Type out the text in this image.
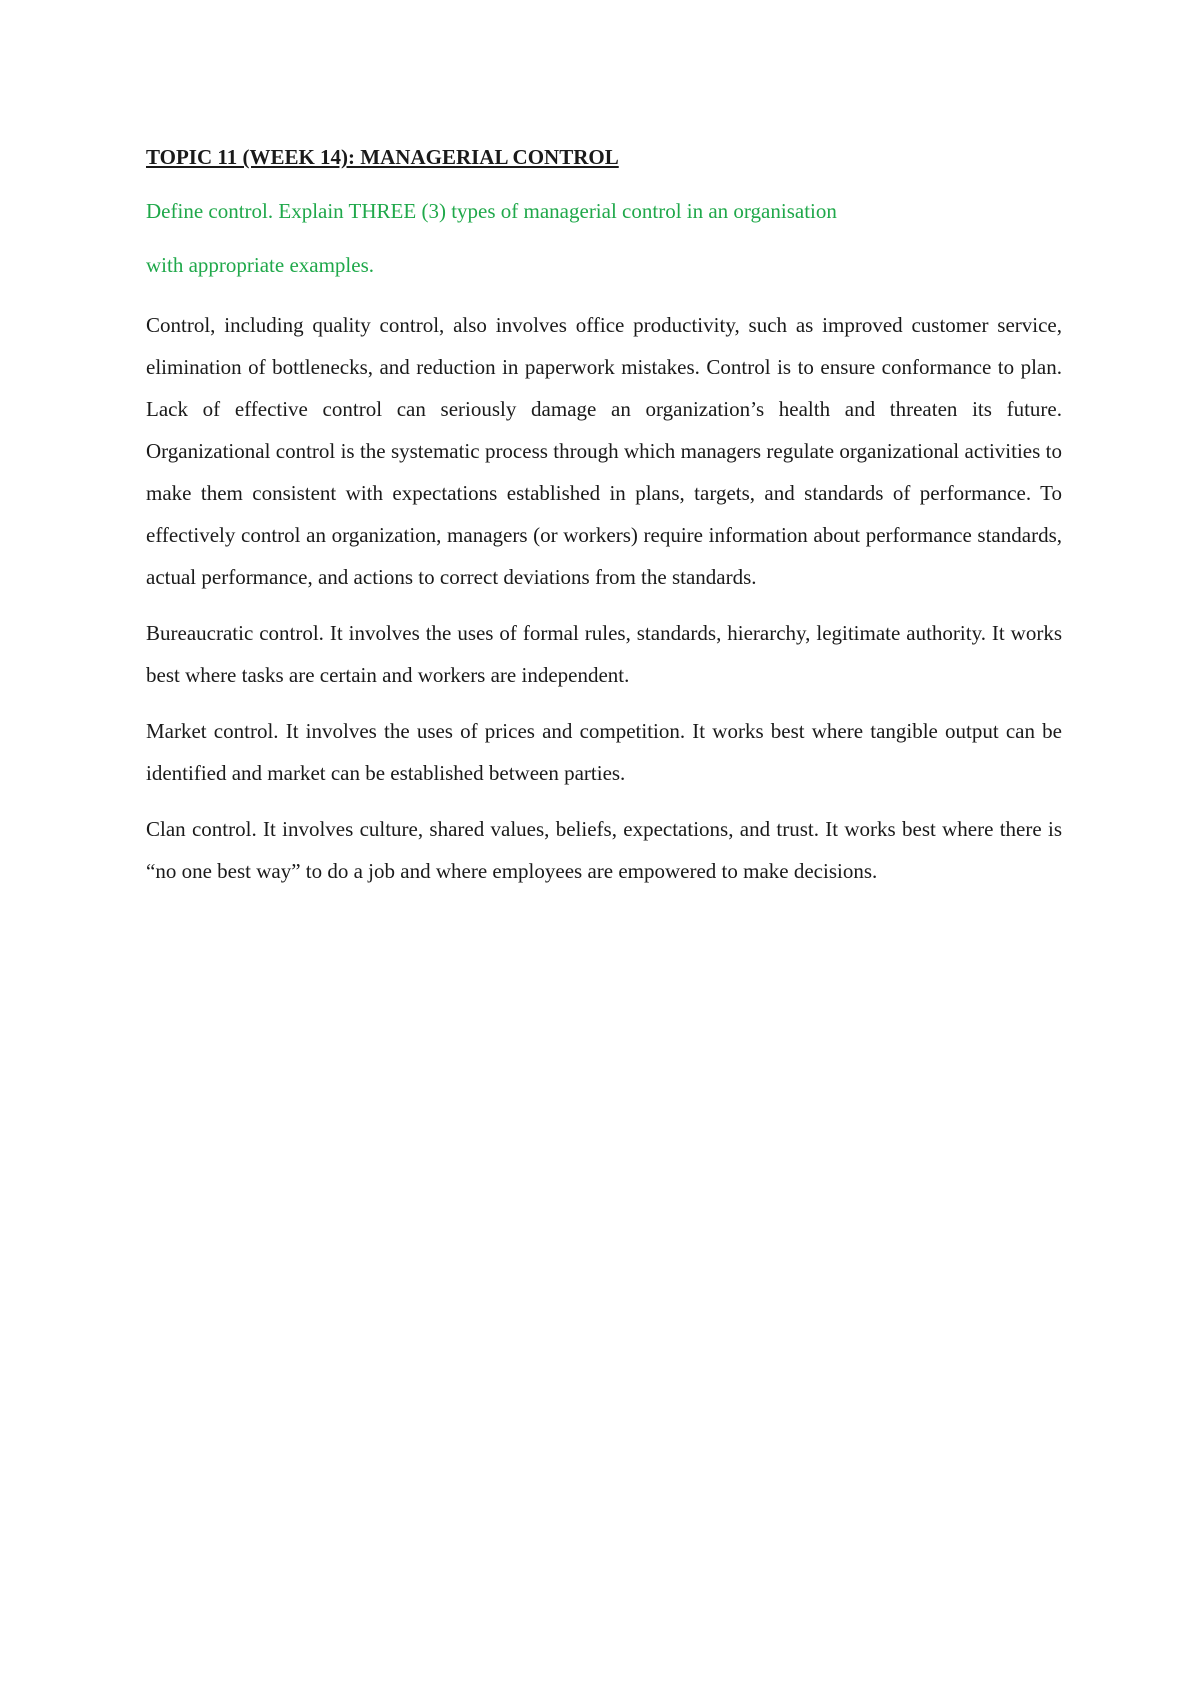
TOPIC 11 (WEEK 14): MANAGERIAL CONTROL
Define control. Explain THREE (3) types of managerial control in an organisation
with appropriate examples.

Control, including quality control, also involves office productivity, such as improved customer service, elimination of bottlenecks, and reduction in paperwork mistakes. Control is to ensure conformance to plan. Lack of effective control can seriously damage an organization’s health and threaten its future. Organizational control is the systematic process through which managers regulate organizational activities to make them consistent with expectations established in plans, targets, and standards of performance. To effectively control an organization, managers (or workers) require information about performance standards, actual performance, and actions to correct deviations from the standards.

Bureaucratic control. It involves the uses of formal rules, standards, hierarchy, legitimate authority. It works best where tasks are certain and workers are independent.

Market control. It involves the uses of prices and competition. It works best where tangible output can be identified and market can be established between parties.

Clan control. It involves culture, shared values, beliefs, expectations, and trust. It works best where there is “no one best way” to do a job and where employees are empowered to make decisions.
